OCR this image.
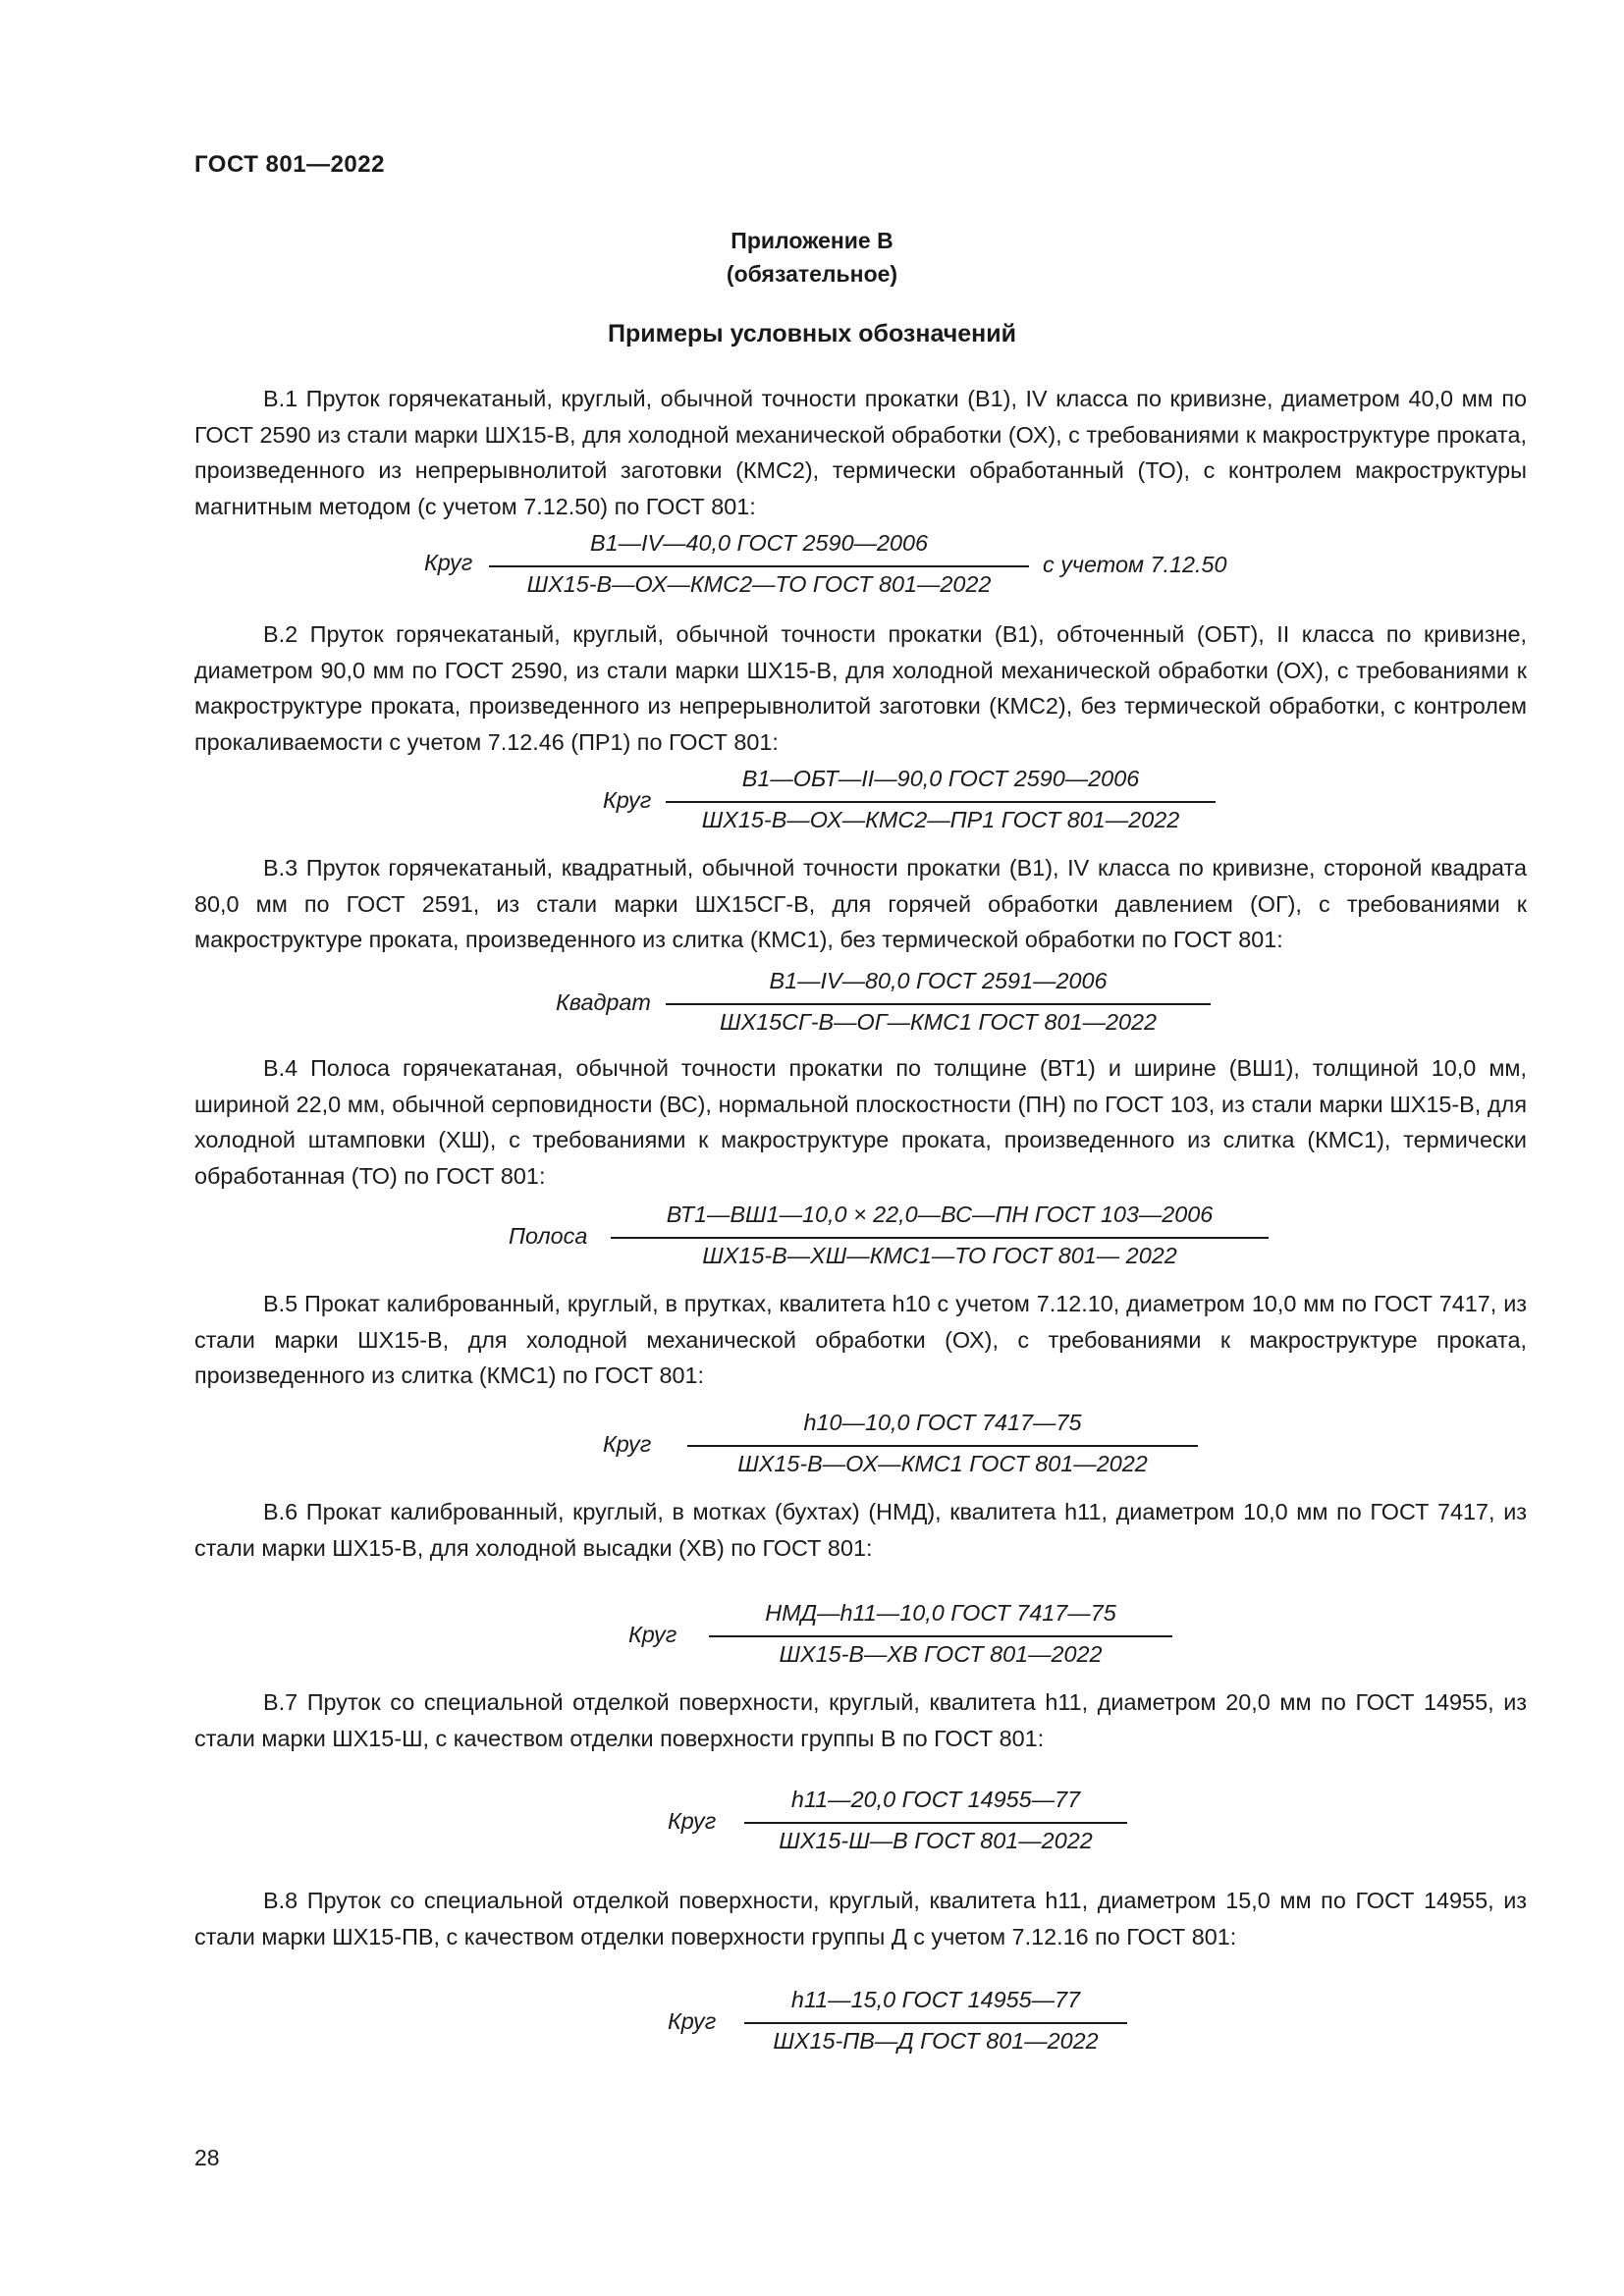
ГОСТ 801—2022
Приложение В
(обязательное)
Примеры условных обозначений

В.1 Пруток горячекатаный, круглый, обычной точности прокатки (В1), IV класса по кривизне, диаметром 40,0 мм по ГОСТ 2590 из стали марки ШХ15-В, для холодной механической обработки (ОХ), с требованиями к макроструктуре проката, произведенного из непрерывнолитой заготовки (КМС2), термически обработанный (ТО), с контролем макроструктуры магнитным методом (с учетом 7.12.50) по ГОСТ 801:

Круг
В1—IV—40,0 ГОСТ 2590—2006
ШХ15-В—ОХ—КМС2—ТО ГОСТ 801—2022
с учетом 7.12.50

В.2 Пруток горячекатаный, круглый, обычной точности прокатки (В1), обточенный (ОБТ), II класса по кривизне, диаметром 90,0 мм по ГОСТ 2590, из стали марки ШХ15-В, для холодной механической обработки (ОХ), с требованиями к макроструктуре проката, произведенного из непрерывнолитой заготовки (КМС2), без термической обработки, с контролем прокаливаемости с учетом 7.12.46 (ПР1) по ГОСТ 801:

Круг
В1—ОБТ—II—90,0 ГОСТ 2590—2006
ШХ15-В—ОХ—КМС2—ПР1 ГОСТ 801—2022

В.3 Пруток горячекатаный, квадратный, обычной точности прокатки (В1), IV класса по кривизне, стороной квадрата 80,0 мм по ГОСТ 2591, из стали марки ШХ15СГ-В, для горячей обработки давлением (ОГ), с требованиями к макроструктуре проката, произведенного из слитка (КМС1), без термической обработки по ГОСТ 801:

Квадрат
В1—IV—80,0 ГОСТ 2591—2006
ШХ15СГ-В—ОГ—КМС1 ГОСТ 801—2022

В.4 Полоса горячекатаная, обычной точности прокатки по толщине (ВТ1) и ширине (ВШ1), толщиной 10,0 мм, шириной 22,0 мм, обычной серповидности (ВС), нормальной плоскостности (ПН) по ГОСТ 103, из стали марки ШХ15-В, для холодной штамповки (ХШ), с требованиями к макроструктуре проката, произведенного из слитка (КМС1), термически обработанная (ТО) по ГОСТ 801:

Полоса
ВТ1—ВШ1—10,0 × 22,0—ВС—ПН ГОСТ 103—2006
ШХ15-В—ХШ—КМС1—ТО ГОСТ 801— 2022

В.5 Прокат калиброванный, круглый, в прутках, квалитета h10 с учетом 7.12.10, диаметром 10,0 мм по ГОСТ 7417, из стали марки ШХ15-В, для холодной механической обработки (ОХ), с требованиями к макроструктуре проката, произведенного из слитка (КМС1) по ГОСТ 801:

Круг
h10—10,0 ГОСТ 7417—75
ШХ15-В—ОХ—КМС1 ГОСТ 801—2022

В.6 Прокат калиброванный, круглый, в мотках (бухтах) (НМД), квалитета h11, диаметром 10,0 мм по ГОСТ 7417, из стали марки ШХ15-В, для холодной высадки (ХВ) по ГОСТ 801:

Круг
НМД—h11—10,0 ГОСТ 7417—75
ШХ15-В—ХВ ГОСТ 801—2022

В.7 Пруток со специальной отделкой поверхности, круглый, квалитета h11, диаметром 20,0 мм по ГОСТ 14955, из стали марки ШХ15-Ш, с качеством отделки поверхности группы В по ГОСТ 801:

Круг
h11—20,0 ГОСТ 14955—77
ШХ15-Ш—В ГОСТ 801—2022

В.8 Пруток со специальной отделкой поверхности, круглый, квалитета h11, диаметром 15,0 мм по ГОСТ 14955, из стали марки ШХ15-ПВ, с качеством отделки поверхности группы Д с учетом 7.12.16 по ГОСТ 801:

Круг
h11—15,0 ГОСТ 14955—77
ШХ15-ПВ—Д ГОСТ 801—2022
28
